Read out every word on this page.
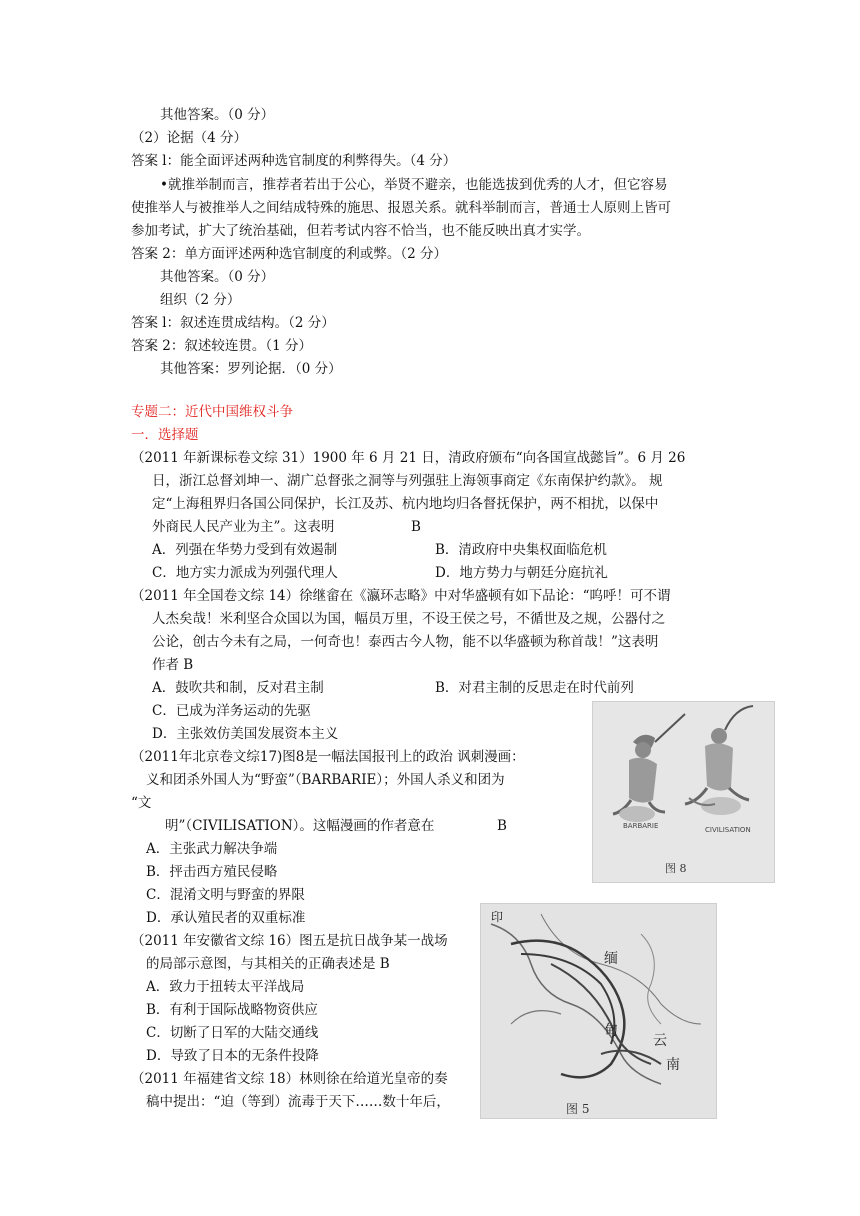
其他答案。（0 分）
（2）论据（4 分）
答案 l：能全面评述两种选官制度的利弊得失。（4 分）
•就推举制而言，推荐者若出于公心，举贤不避亲，也能选拔到优秀的人才，但它容易
使推举人与被推举人之间结成特殊的施思、报恩关系。就科举制而言，普通士人原则上皆可
参加考试，扩大了统治基础，但若考试内容不恰当，也不能反映出真才实学。
答案 2：单方面评述两种选官制度的利或弊。（2 分）
其他答案。（0 分）
组织（2 分）
答案 l：叙述连贯成结构。（2 分）
答案 2：叙述较连贯。（1 分）
其他答案：罗列论据．（0 分）
专题二：近代中国维权斗争
一．选择题
（2011 年新课标卷文综 31）1900 年 6 月 21 日，清政府颁布“向各国宣战懿旨”。6 月 26
日，浙江总督刘坤一、湖广总督张之洞等与列强驻上海领事商定《东南保护约款》。 规
定“上海租界归各国公同保护，长江及苏、杭内地均归各督抚保护，两不相扰，以保中
外商民人民产业为主”。这表明	B
A．列强在华势力受到有效遏制	B．清政府中央集权面临危机
C．地方实力派成为列强代理人	D．地方势力与朝廷分庭抗礼
（2011 年全国卷文综 14）徐继畲在《瀛环志略》中对华盛顿有如下品论：“呜呼！可不谓
人杰矣哉！米利坚合众国以为国，幅员万里，不设王侯之号，不循世及之规，公器付之
公论，创古今未有之局，一何奇也！泰西古今人物，能不以华盛顿为称首哉！”这表明
作者 B
A．鼓吹共和制，反对君主制	B．对君主制的反思走在时代前列
C．已成为洋务运动的先驱
D．主张效仿美国发展资本主义
（2011年北京卷文综17)图8是一幅法国报刊上的政治 讽刺漫画：
义和团杀外国人为“野蛮”（BARBARIE）；外国人杀义和团为
“文
明”（CIVILISATION）。这幅漫画的作者意在	B
A．主张武力解决争端
B．抨击西方殖民侵略
C．混淆文明与野蛮的界限
D．承认殖民者的双重标准
BARBARIE	CIVILISATION
图 8
（2011 年安徽省文综 16）图五是抗日战争某一战场
的局部示意图，与其相关的正确表述是 B
A．致力于扭转太平洋战局
B．有利于国际战略物资供应
C．切断了日军的大陆交通线
D．导致了日本的无条件投降
印
缅
甸
云
南
图 5
（2011 年福建省文综 18）林则徐在给道光皇帝的奏
稿中提出：“迫（等到）流毒于天下……数十年后，
